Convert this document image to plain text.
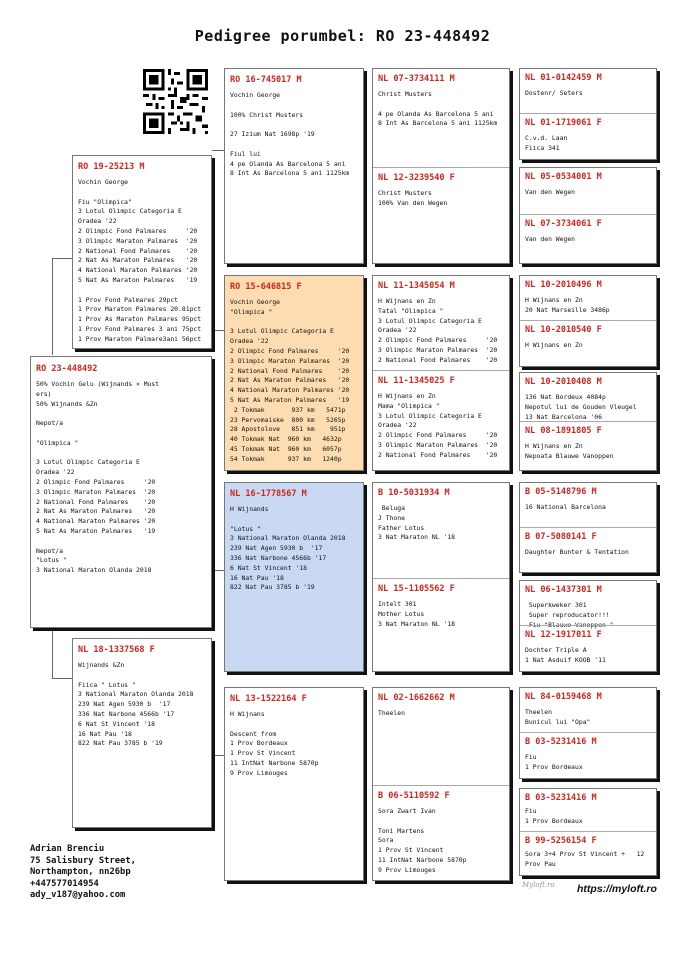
Pedigree porumbel: RO 23-448492
RO 23-448492
50% Vochin Gelu (Wijnands × Must
ers)
50% Wijnands &Zn

Nepot/a

"Olimpica "

3 Lotul Olimpic Categoria E
Oradea '22
2 Olimpic Fond Palmares     '20
3 Olimpic Maraton Palmares  '20
2 National Fond Palmares    '20
2 Nat As Maraton Palmares   '20
4 National Maraton Palmares '20
5 Nat As Maraton Palmares   '19

Nepot/a
"Lotus "
3 National Maraton Olanda 2018
RO 19-25213 M
Vochin George

Fiu "Olimpica"
3 Lotul Olimpic Categoria E
Oradea '22
2 Olimpic Fond Palmares     '20
3 Olimpic Maraton Palmares  '20
2 National Fond Palmares    '20
2 Nat As Maraton Palmares   '20
4 National Maraton Palmares '20
5 Nat As Maraton Palmares   '19

1 Prov Fond Palmares 29pct
1 Prov Maraton Palmares 20.81pct
1 Prov As Maraton Palmares 95pct
1 Prov Fond Palmares 3 ani 75pct
1 Prov Maraton Palmare3ani 56pct
NL 18-1337568 F
Wijnands &Zn

Fiica " Lotus "
3 National Maraton Olanda 2018
239 Nat Agen 5930 b  '17
336 Nat Narbone 4566b '17
6 Nat St Vincent '18
16 Nat Pau '18
822 Nat Pau 3785 b '19
RO 16-745017 M
Vochin George

100% Christ Musters

27 Izium Nat 1698p '19

Fiul lui
4 pe Olanda As Barcelona 5 ani
8 Int As Barcelona 5 ani 1125km
RO 15-646815 F
Vochin George
"Olimpica "

3 Lotul Olimpic Categoria E
Oradea '22
2 Olimpic Fond Palmares     '20
3 Olimpic Maraton Palmares  '20
2 National Fond Palmares    '20
2 Nat As Maraton Palmares   '20
4 National Maraton Palmares '20
5 Nat As Maraton Palmares   '19
2 Tokmak       937 km   5471p
23 Pervomaiske  800 km   5265p
28 Apostolove   851 km    951p
40 Tokmak Nat  960 km   4632p
45 Tokmak Nat  960 km   6057p
54 Tokmak      937 km   1240p
NL 16-1778567 M
H Wijnands

"Lotus "
3 National Maraton Olanda 2018
239 Nat Agen 5930 b  '17
336 Nat Narbone 4566b '17
6 Nat St Vincent '18
16 Nat Pau '18
822 Nat Pau 3785 b '19
NL 13-1522164 F
H Wijnans

Descent from
1 Prov Bordeaux
1 Prov St Vincent
11 IntNat Narbone 5870p
9 Prov Limouges
NL 07-3734111 M
Christ Musters

4 pe Olanda As Barcelona 5 ani
8 Int As Barcelona 5 ani 1125km
NL 12-3239540 F
Christ Musters
100% Van den Wegen
NL 11-1345054 M
H Wijnans en Zn
Tatal "Olimpica "
3 Lotul Olimpic Categoria E
Oradea '22
2 Olimpic Fond Palmares     '20
3 Olimpic Maraton Palmares  '20
2 National Fond Palmares    '20
NL 11-1345025 F
H Wijnans en Zn
Mama "Olimpica "
3 Lotul Olimpic Categoria E
Oradea '22
2 Olimpic Fond Palmares     '20
3 Olimpic Maraton Palmares  '20
2 National Fond Palmares    '20
B 10-5031934 M
Beluga
J Thone
Father Lotus
3 Nat Maraton NL '18
NL 15-1105562 F
Intelt 301
Mother Lotus
3 Nat Maraton NL '18
NL 02-1662662 M
Theelen
B 06-5110592 F
Sora Zwart Ivan

Toni Martens
Sora
1 Prov St Vincent
11 IntNat Narbone 5870p
9 Prov Limouges
NL 01-0142459 M
Dostenr/ Seters
NL 01-1719061 F
C.v.d. Laan
Fiica 341
NL 05-0534001 M
Van den Wegen
NL 07-3734061 F
Van den Wegen
NL 10-2010496 M
H Wijnans en Zn
20 Nat Marseille 3486p
NL 10-2010540 F
H Wijnans en Zn
NL 10-2010408 M
136 Nat Bordeux 4084p
Nepotul lui de Gouden Vleugel
13 Nat Barcelona '06
NL 08-1891805 F
H Wijnans en Zn
Nepoata Blauwe Vanoppen
B 05-5148796 M
16 National Barcelona
B 07-5080141 F
Daughter Bunter & Tentation
NL 06-1437301 M
Superkweker 301
Super reproducator!!!
Fiu "Blauwe Vanoppen "
NL 12-1917011 F
Dochter Triple A
1 Nat Asduif KOOB '11
NL 84-0159468 M
Theelen
Bunicul lui "Opa"
B 03-5231416 M
Fiu
1 Prov Bordeaux
B 03-5231416 M
Fiu
1 Prov Bordeaux
B 99-5256154 F
Sora 3+4 Prov St Vincent +   12
Prov Pau
Adrian Brenciu
75 Salisbury Street,
Northampton, nn26bp
+447577014954
ady_v187@yahoo.com
Myloft.ro https://myloft.ro
